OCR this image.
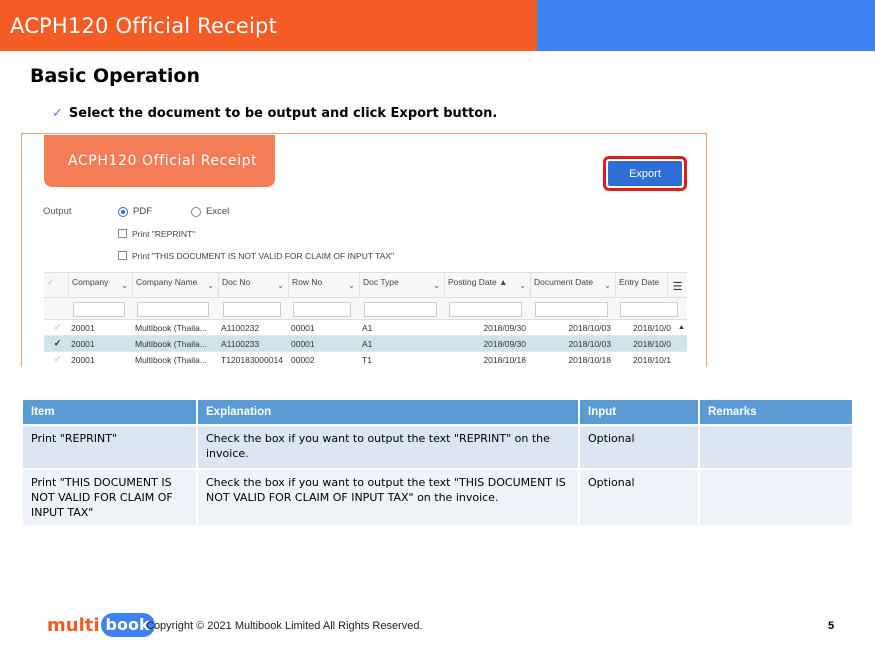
ACPH120 Official Receipt
Basic Operation
✓ Select the document to be output and click Export button.
ACPH120 Official Receipt
Export
Output	PDF	Excel
Print "REPRINT"
Print "THIS DOCUMENT IS NOT VALID FOR CLAIM OF INPUT TAX"
✓	Company ⌄ Company Name ⌄ Doc No	⌄ Row No	⌄ Doc Type	⌄ Posting Date ▲ ⌄ Document Date ⌄ Entry Date	☰
✓	20001	Multibook (Thaila...	A1100232	00001	A1	2018/09/30	2018/10/03	2018/10/0	▲
✓	20001	Multibook (Thaila...	A1100233	00001	A1	2018/09/30	2018/10/03	2018/10/0
✓	20001	Multibook (Thaila...	T120183000014 00002	T1	2018/10/18	2018/10/18	2018/10/1
Item	Explanation	Input	Remarks
Print "REPRINT"	Check the box if you want to output the text "REPRINT" on the invoice.	Optional	
Print "THIS DOCUMENT IS NOT VALID FOR CLAIM OF INPUT TAX"	Check the box if you want to output the text "THIS DOCUMENT IS NOT VALID FOR CLAIM OF INPUT TAX" on the invoice.	Optional	
multi book
Copyright © 2021 Multibook Limited All Rights Reserved.	5
